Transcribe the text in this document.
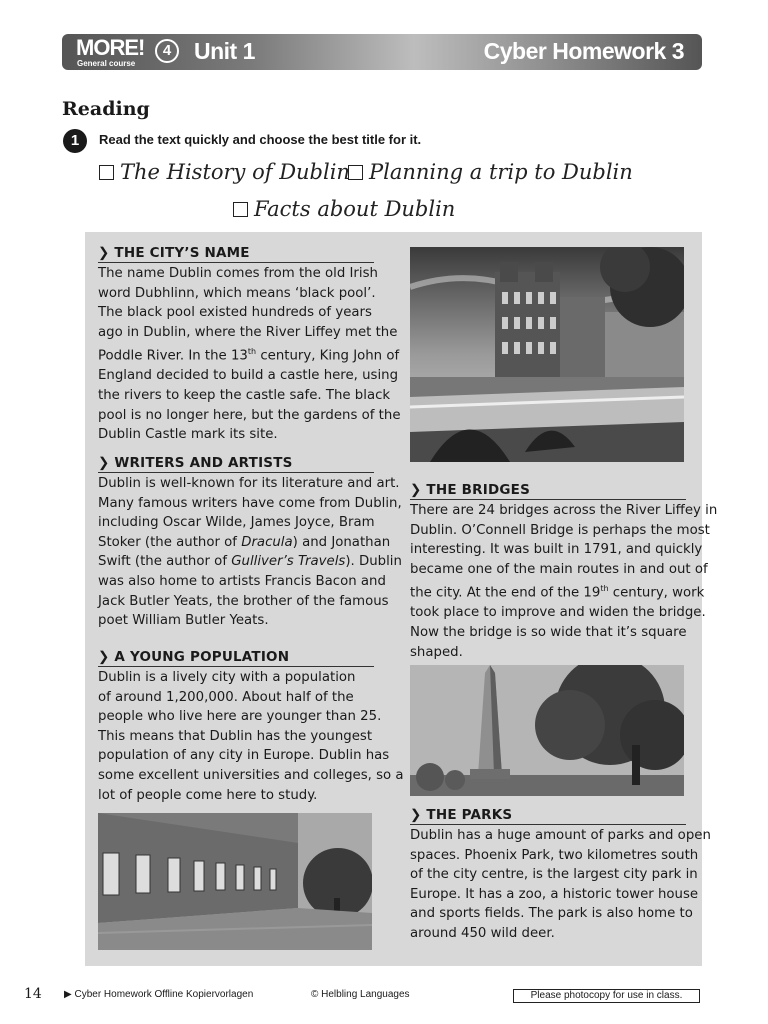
MORE!
General course
4 Unit 1	Cyber Homework 3
Reading
1	Read the text quickly and choose the best title for it.
The History of Dublin Planning a trip to Dublin
Facts about Dublin
❯ THE CITY’S NAME
The name Dublin comes from the old Irish
word Dubhlinn, which means ‘black pool’.
The black pool existed hundreds of years
ago in Dublin, where the River Liffey met the
Poddle River. In the 13th century, King John of
England decided to build a castle here, using
the rivers to keep the castle safe. The black
pool is no longer here, but the gardens of the
Dublin Castle mark its site.
❯ WRITERS AND ARTISTS
Dublin is well-known for its literature and art.
Many famous writers have come from Dublin,
including Oscar Wilde, James Joyce, Bram
Stoker (the author of Dracula) and Jonathan
Swift (the author of Gulliver’s Travels). Dublin
was also home to artists Francis Bacon and
Jack Butler Yeats, the brother of the famous
poet William Butler Yeats.
❯ A YOUNG POPULATION
Dublin is a lively city with a population
of around 1,200,000. About half of the
people who live here are younger than 25.
This means that Dublin has the youngest
population of any city in Europe. Dublin has
some excellent universities and colleges, so a
lot of people come here to study.
❯ THE BRIDGES
There are 24 bridges across the River Liffey in
Dublin. O’Connell Bridge is perhaps the most
interesting. It was built in 1791, and quickly
became one of the main routes in and out of
the city. At the end of the 19th century, work
took place to improve and widen the bridge.
Now the bridge is so wide that it’s square
shaped.
❯ THE PARKS
Dublin has a huge amount of parks and open
spaces. Phoenix Park, two kilometres south
of the city centre, is the largest city park in
Europe. It has a zoo, a historic tower house
and sports fields. The park is also home to
around 450 wild deer.
14 ▶ Cyber Homework Offline Kopiervorlagen	© Helbling Languages	Please photocopy for use in class.
